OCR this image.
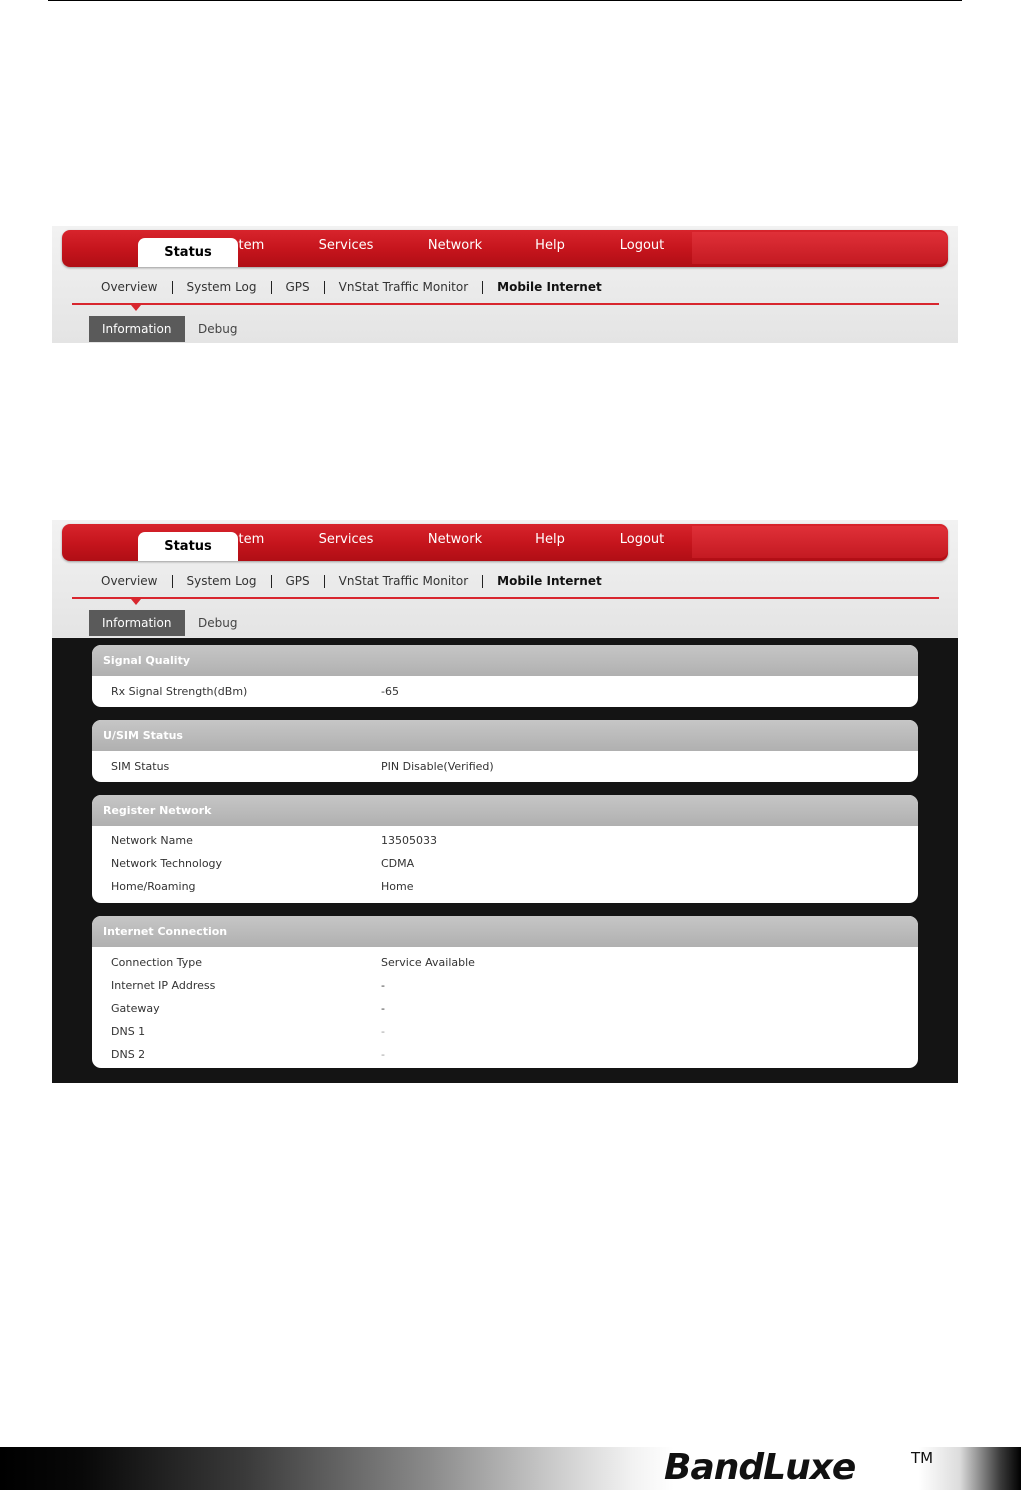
Status System	Services	Network	Help	Logout
Overview	System Log	GPS	VnStat Traffic Monitor	Mobile Internet
Information	Debug
Status System	Services	Network	Help	Logout
Overview	System Log	GPS	VnStat Traffic Monitor	Mobile Internet
Information	Debug
Signal Quality
Rx Signal Strength(dBm)	-65
U/SIM Status
SIM Status	PIN Disable(Verified)
Register Network
Network Name	13505033
Network Technology	CDMA
Home/Roaming	Home
Internet Connection
Connection Type	Service Available
Internet IP Address	-
Gateway	-
DNS 1	-
DNS 2	-
BandLuxe	TM
